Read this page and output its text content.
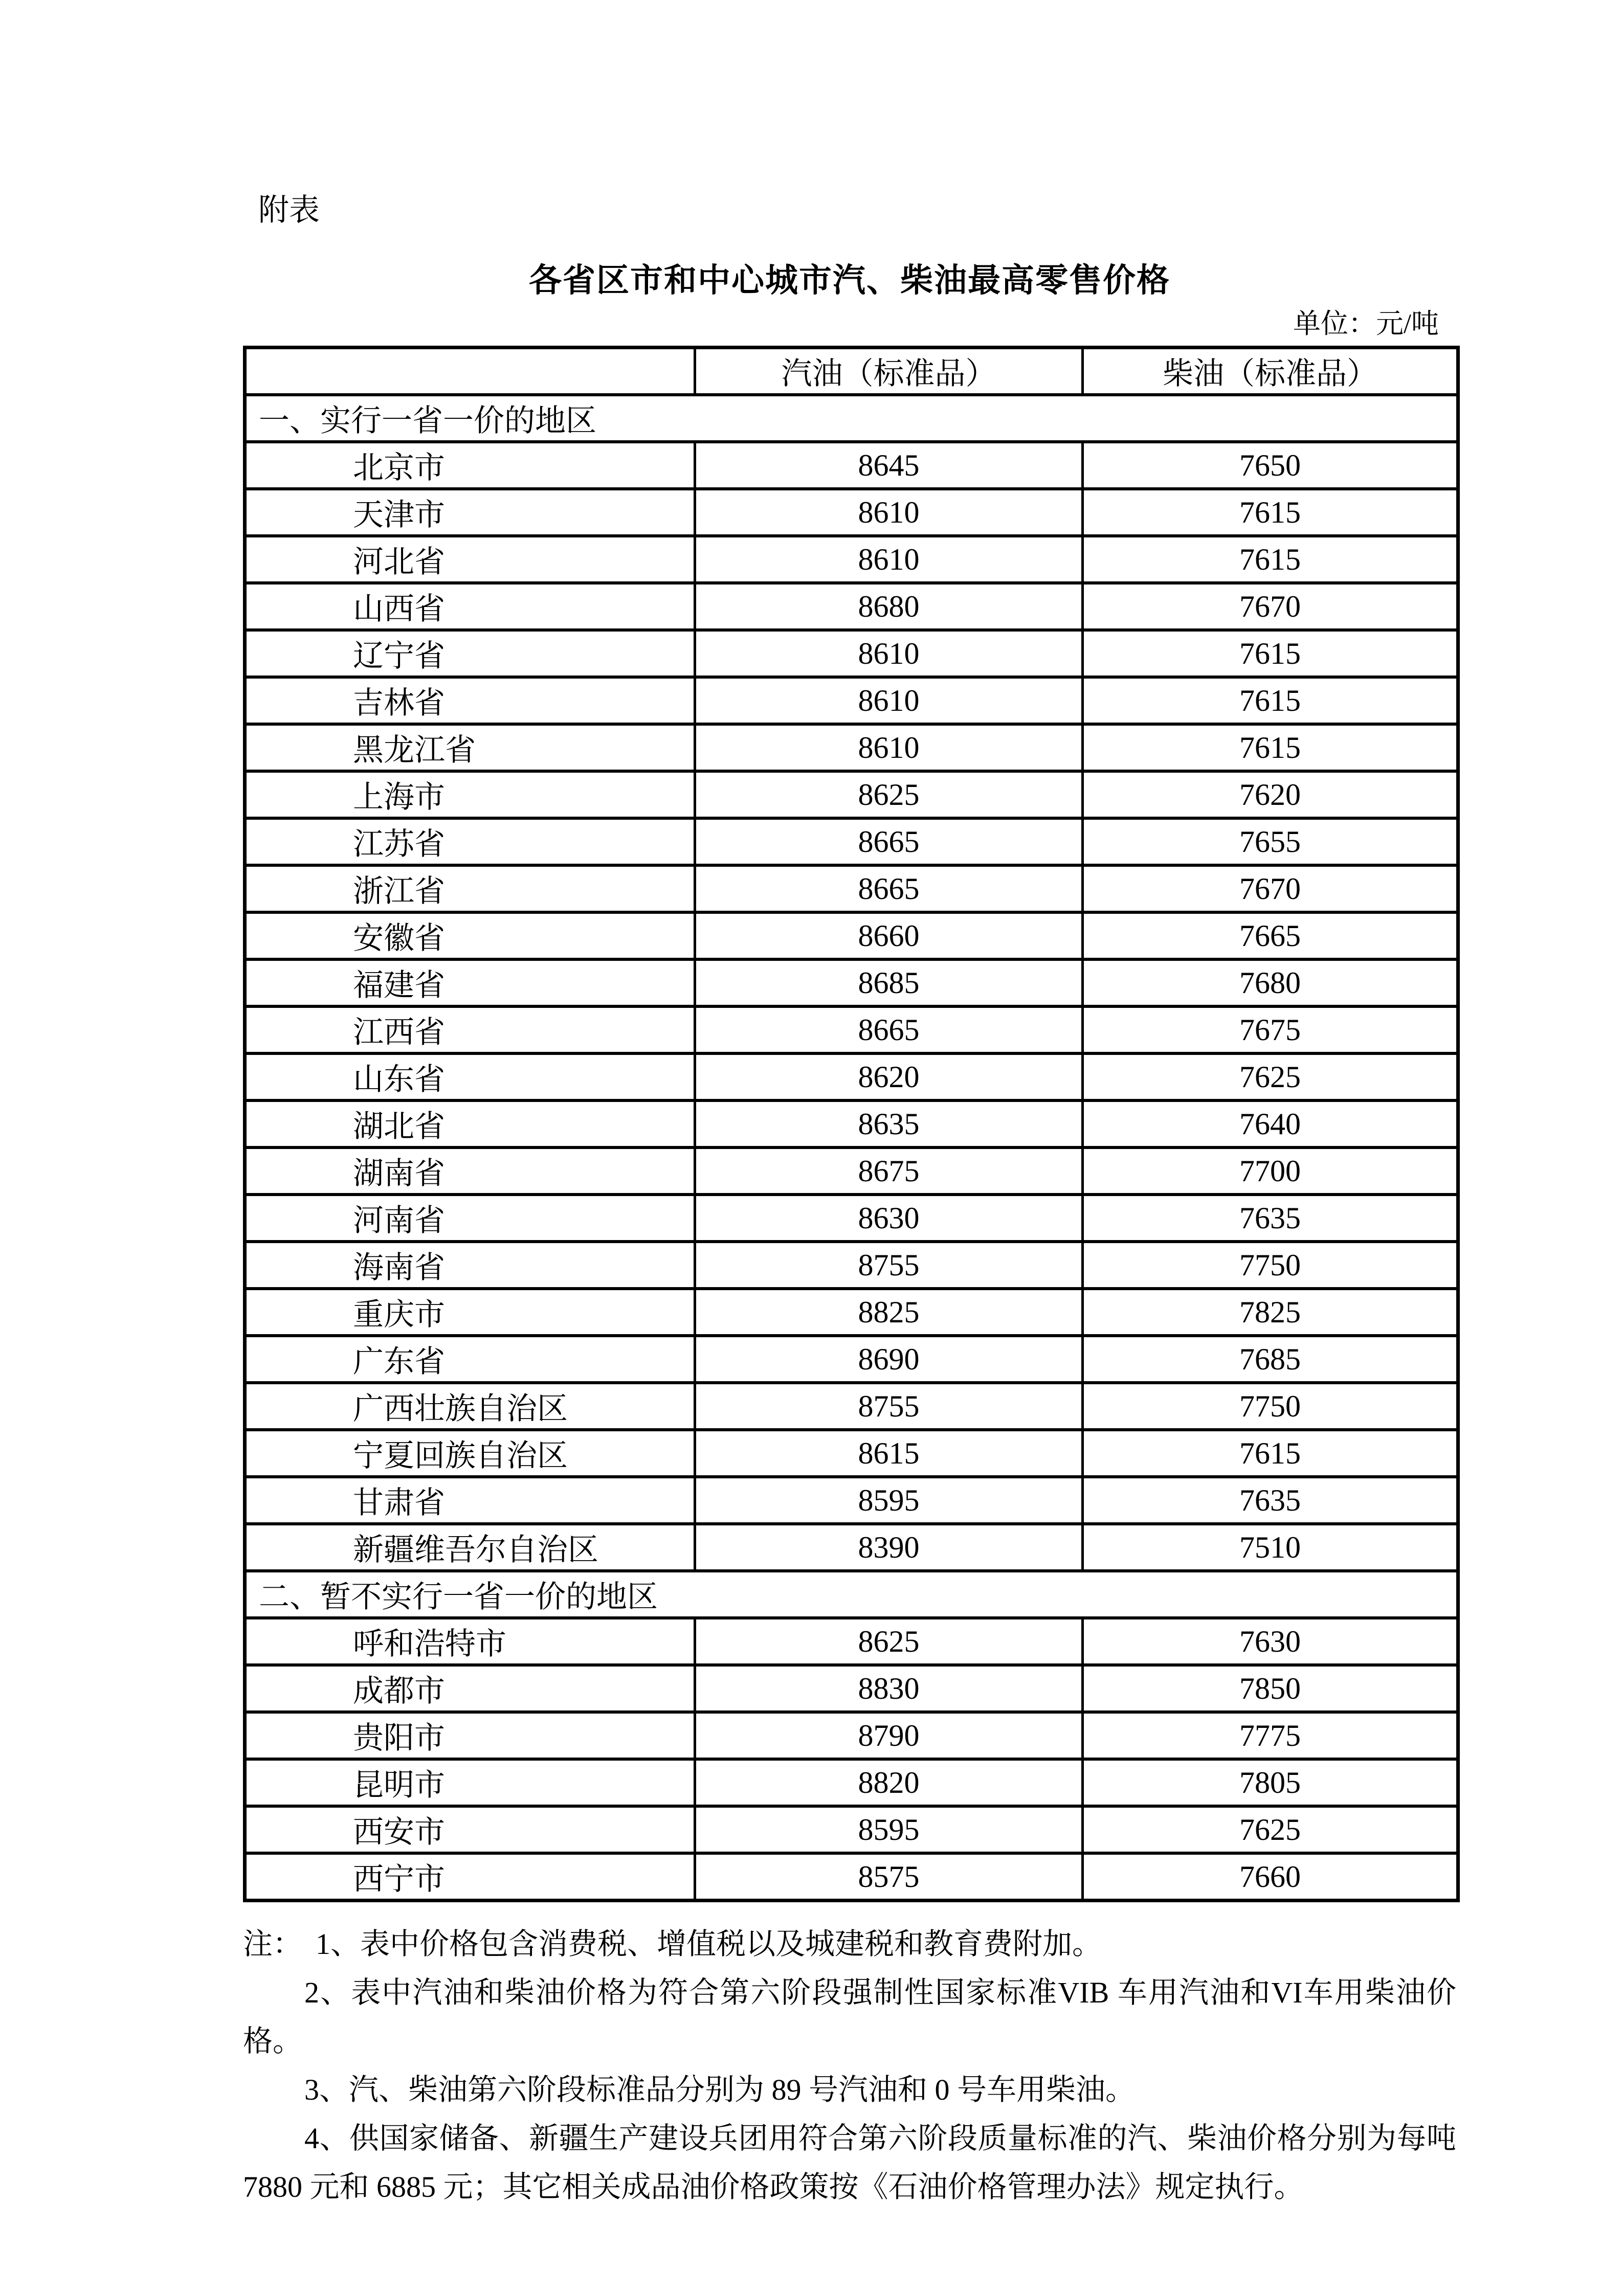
附表
各省区市和中心城市汽、柴油最高零售价格
单位：元/吨
	汽油（标准品）	柴油（标准品）
一、实行一省一价的地区		
北京市	8645	7650
天津市	8610	7615
河北省	8610	7615
山西省	8680	7670
辽宁省	8610	7615
吉林省	8610	7615
黑龙江省	8610	7615
上海市	8625	7620
江苏省	8665	7655
浙江省	8665	7670
安徽省	8660	7665
福建省	8685	7680
江西省	8665	7675
山东省	8620	7625
湖北省	8635	7640
湖南省	8675	7700
河南省	8630	7635
海南省	8755	7750
重庆市	8825	7825
广东省	8690	7685
广西壮族自治区	8755	7750
宁夏回族自治区	8615	7615
甘肃省	8595	7635
新疆维吾尔自治区	8390	7510
二、暂不实行一省一价的地区		
呼和浩特市	8625	7630
成都市	8830	7850
贵阳市	8790	7775
昆明市	8820	7805
西安市	8595	7625
西宁市	8575	7660

注： 1、表中价格包含消费税、增值税以及城建税和教育费附加。

2、表中汽油和柴油价格为符合第六阶段强制性国家标准VIB 车用汽油和VI车用柴油价格。

3、汽、柴油第六阶段标准品分别为 89 号汽油和 0 号车用柴油。

4、供国家储备、新疆生产建设兵团用符合第六阶段质量标准的汽、柴油价格分别为每吨 7880 元和 6885 元；其它相关成品油价格政策按《石油价格管理办法》规定执行。
